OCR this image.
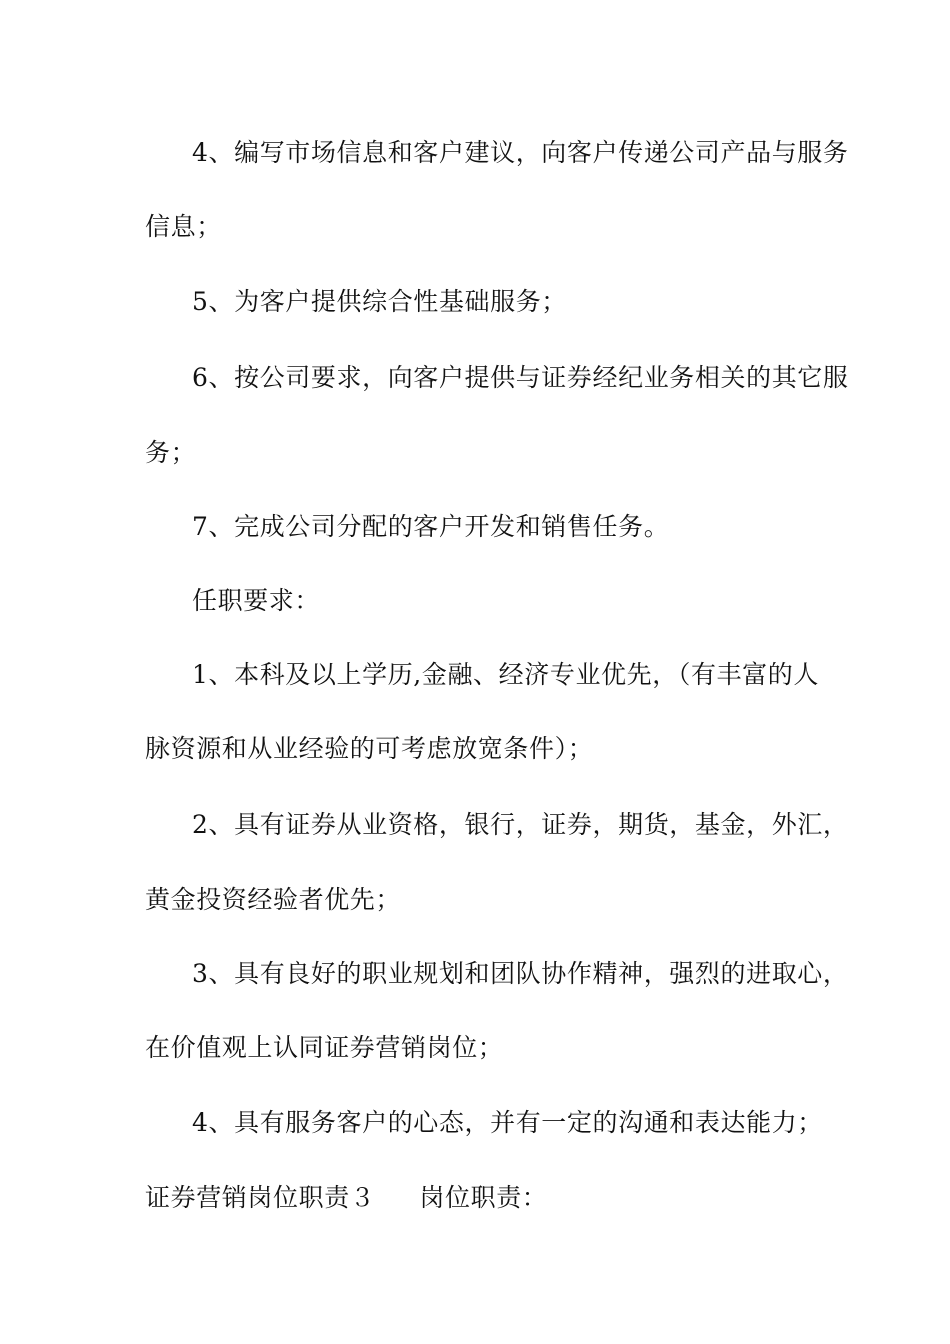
4、编写市场信息和客户建议，向客户传递公司产品与服务
信息；
5、为客户提供综合性基础服务；
6、按公司要求，向客户提供与证券经纪业务相关的其它服
务；
7、完成公司分配的客户开发和销售任务。
任职要求：
1、本科及以上学历,金融、经济专业优先，（有丰富的人
脉资源和从业经验的可考虑放宽条件）；
2、具有证券从业资格，银行，证券，期货，基金，外汇，
黄金投资经验者优先；
3、具有良好的职业规划和团队协作精神，强烈的进取心，
在价值观上认同证券营销岗位；
4、具有服务客户的心态，并有一定的沟通和表达能力；
证券营销岗位职责３ 岗位职责：
